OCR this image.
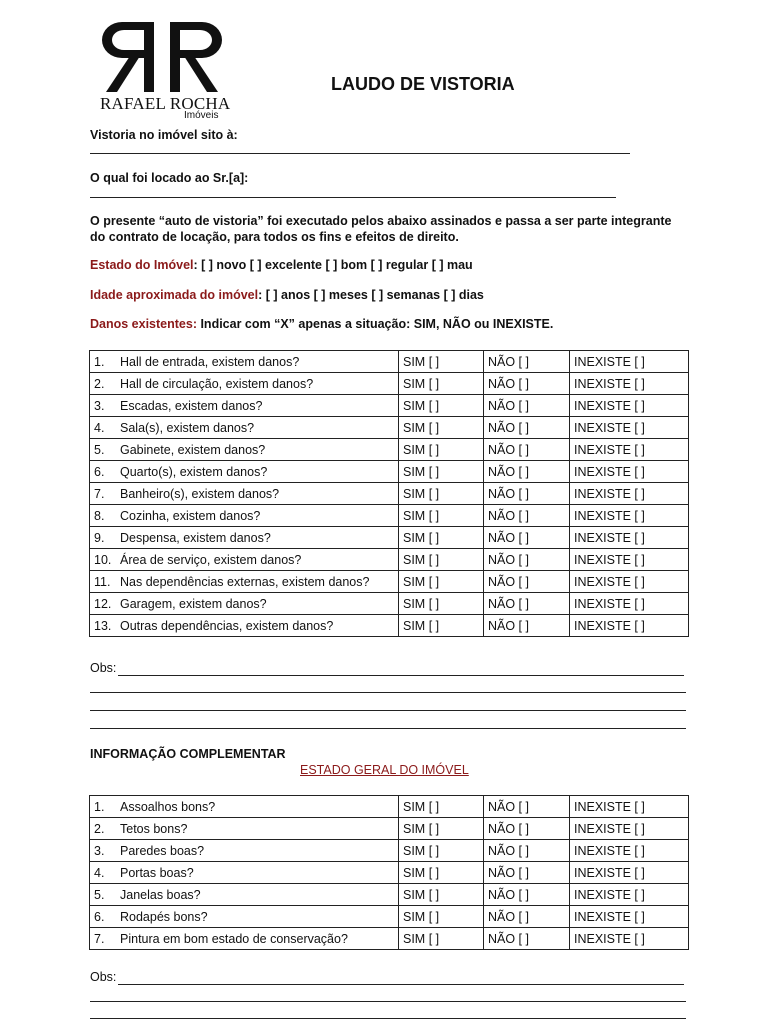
RAFAEL ROCHA
Imóveis
LAUDO DE VISTORIA
Vistoria no imóvel sito à:
O qual foi locado ao Sr.[a]:
O presente “auto de vistoria” foi executado pelos abaixo assinados e passa a ser parte integrante do contrato de locação, para todos os fins e efeitos de direito.
Estado do Imóvel: [ ] novo [ ] excelente [ ] bom [ ] regular [ ] mau
Idade aproximada do imóvel: [ ] anos [ ] meses [ ] semanas [ ] dias
Danos existentes: Indicar com “X” apenas a situação: SIM, NÃO ou INEXISTE.
1. Hall de entrada, existem danos?	SIM [ ]	NÃO [ ]	INEXISTE [ ]
2. Hall de circulação, existem danos?	SIM [ ]	NÃO [ ]	INEXISTE [ ]
3. Escadas, existem danos?	SIM [ ]	NÃO [ ]	INEXISTE [ ]
4. Sala(s), existem danos?	SIM [ ]	NÃO [ ]	INEXISTE [ ]
5. Gabinete, existem danos?	SIM [ ]	NÃO [ ]	INEXISTE [ ]
6. Quarto(s), existem danos?	SIM [ ]	NÃO [ ]	INEXISTE [ ]
7. Banheiro(s), existem danos?	SIM [ ]	NÃO [ ]	INEXISTE [ ]
8. Cozinha, existem danos?	SIM [ ]	NÃO [ ]	INEXISTE [ ]
9. Despensa, existem danos?	SIM [ ]	NÃO [ ]	INEXISTE [ ]
10. Área de serviço, existem danos?	SIM [ ]	NÃO [ ]	INEXISTE [ ]
11. Nas dependências externas, existem danos?	SIM [ ]	NÃO [ ]	INEXISTE [ ]
12. Garagem, existem danos?	SIM [ ]	NÃO [ ]	INEXISTE [ ]
13. Outras dependências, existem danos?	SIM [ ]	NÃO [ ]	INEXISTE [ ]
Obs:
INFORMAÇÃO COMPLEMENTAR
ESTADO GERAL DO IMÓVEL
1. Assoalhos bons?	SIM [ ]	NÃO [ ]	INEXISTE [ ]
2. Tetos bons?	SIM [ ]	NÃO [ ]	INEXISTE [ ]
3. Paredes boas?	SIM [ ]	NÃO [ ]	INEXISTE [ ]
4. Portas boas?	SIM [ ]	NÃO [ ]	INEXISTE [ ]
5. Janelas boas?	SIM [ ]	NÃO [ ]	INEXISTE [ ]
6. Rodapés bons?	SIM [ ]	NÃO [ ]	INEXISTE [ ]
7. Pintura em bom estado de conservação?	SIM [ ]	NÃO [ ]	INEXISTE [ ]
Obs:
